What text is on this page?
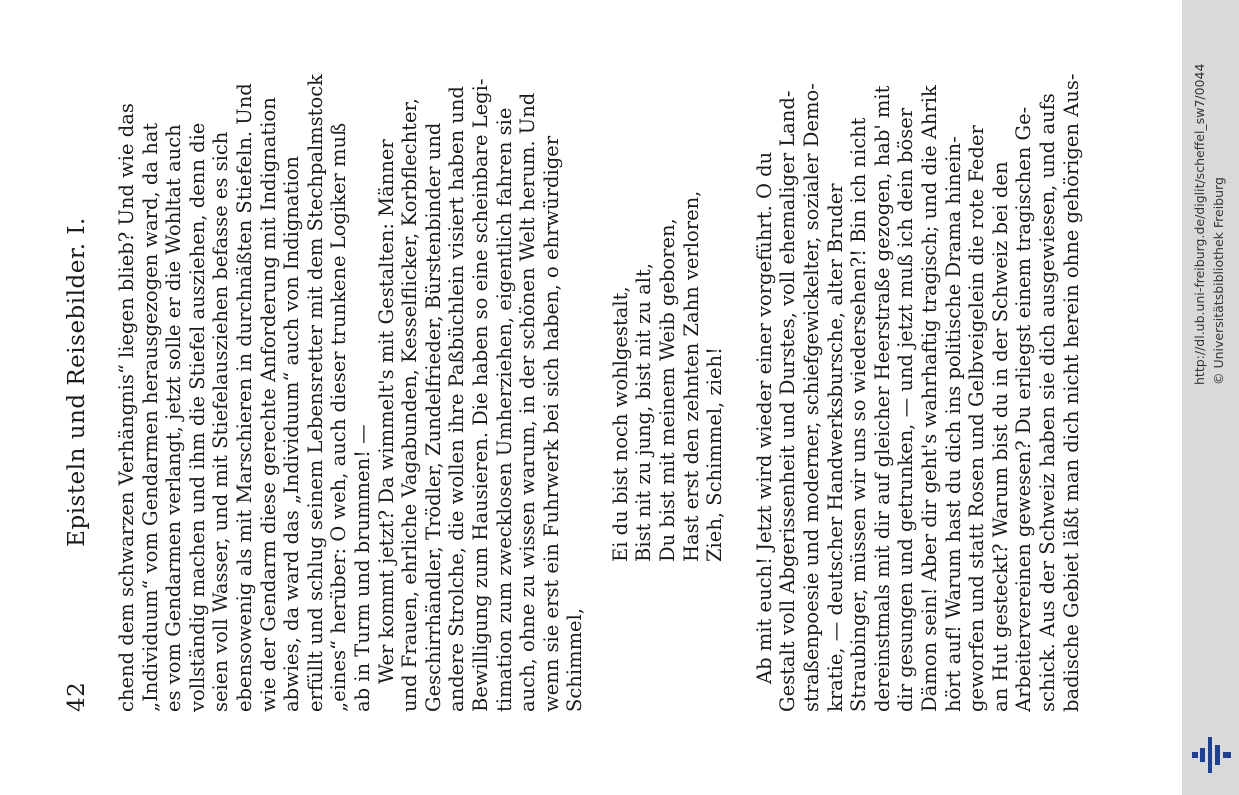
42
Episteln und Reisebilder. I. chend dem schwarzen Verhängnis“ liegen blieb? Und wie das „Individuum“ vom Gendarmen herausgezogen ward, da hat es vom Gendarmen verlangt, jetzt solle er die Wohltat auch vollständig machen und ihm die Stiefel ausziehen, denn die seien voll Wasser, und mit Stiefelausziehen befasse es sich ebensowenig als mit Marschieren in durchnäßten Stiefeln. Und wie der Gendarm diese gerechte Anforderung mit Indignation abwies, da ward das „Individuum“ auch von Indignation erfüllt und schlug seinem Lebensretter mit dem Stechpalmstock „eines“ herüber: O weh, auch dieser trunkene Logiker muß ab in Turm und brummen! — Wer kommt jetzt? Da wimmelt's mit Gestalten: Männer und Frauen, ehrliche Vagabunden, Kesselflicker, Korbflechter, Geschirrhändler, Trödler, Zundelfrieder, Bürstenbinder und andere Strolche, die wollen ihre Paßbüchlein visiert haben und Bewilligung zum Hausieren. Die haben so eine scheinbare Legi- timation zum zwecklosen Umherziehen, eigentlich fahren sie auch, ohne zu wissen warum, in der schönen Welt herum. Und wenn sie erst ein Fuhrwerk bei sich haben, o ehrwürdiger Schimmel,
Ei du bist noch wohlgestalt, Bist nit zu jung, bist nit zu alt, Du bist mit meinem Weib geboren, Hast erst den zehnten Zahn verloren, Zieh, Schimmel, zieh! Ab mit euch! Jetzt wird wieder einer vorgeführt. O du Gestalt voll Abgerissenheit und Durstes, voll ehemaliger Land- straßenpoesie und moderner, schiefgewickelter, sozialer Demo- kratie, — deutscher Handwerksbursche, alter Bruder Straubinger, müssen wir uns so wiedersehen?! Bin ich nicht dereinstmals mit dir auf gleicher Heerstraße gezogen, hab' mit dir gesungen und getrunken, — und jetzt muß ich dein böser Dämon sein! Aber dir geht's wahrhaftig tragisch; und die Ahrik hört auf! Warum hast du dich ins politische Drama hinein- geworfen und statt Rosen und Gelbveigelein die rote Feder an Hut gesteckt? Warum bist du in der Schweiz bei den Arbeitervereinen gewesen? Du erliegst einem tragischen Ge- schick. Aus der Schweiz haben sie dich ausgewiesen, und aufs badische Gebiet läßt man dich nicht herein ohne gehörigen Aus-	http://dl.ub.uni-freiburg.de/diglit/scheffel_sw7/0044 © Universitätsbibliothek Freiburg
